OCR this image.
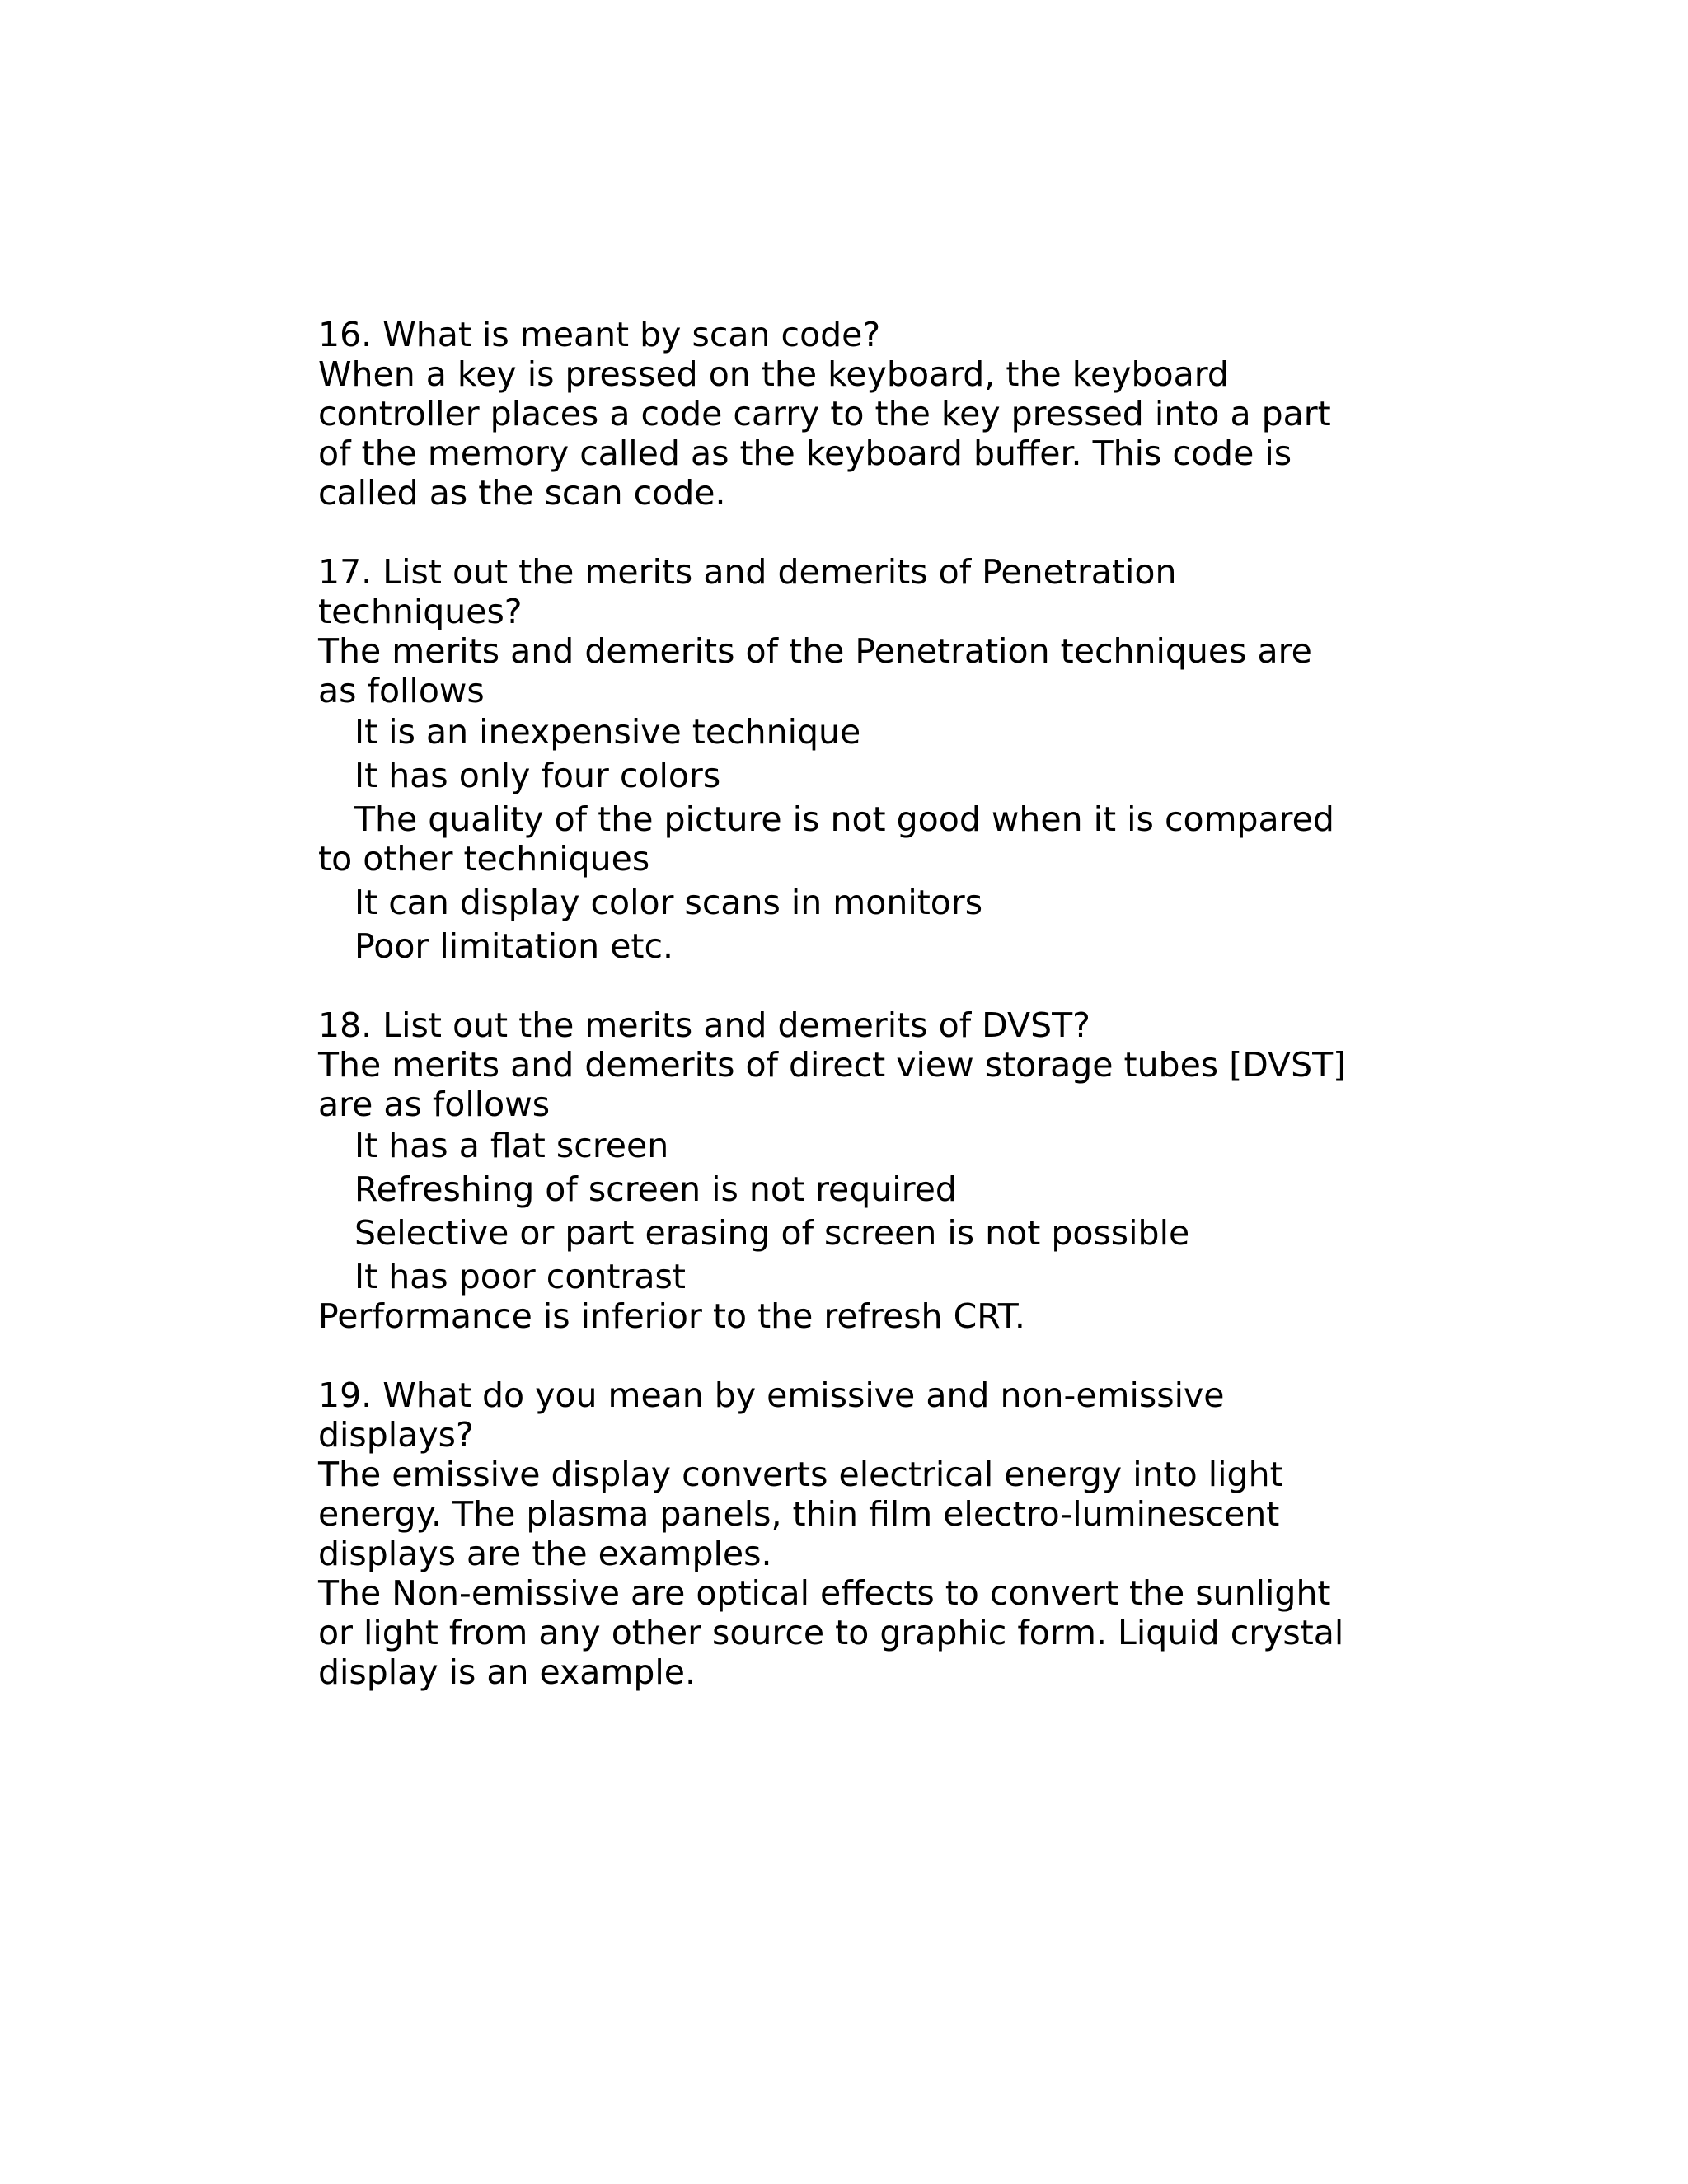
16. What is meant by scan code?

When a key is pressed on the keyboard, the keyboard controller places a code carry to the key pressed into a part of the memory called as the keyboard buffer. This code is called as the scan code.

17. List out the merits and demerits of Penetration techniques?

The merits and demerits of the Penetration techniques are as follows

It is an inexpensive technique
It has only four colors
The quality of the picture is not good when it is compared to other techniques
It can display color scans in monitors
Poor limitation etc.

18. List out the merits and demerits of DVST?

The merits and demerits of direct view storage tubes [DVST] are as follows

It has a flat screen
Refreshing of screen is not required
Selective or part erasing of screen is not possible
It has poor contrast

Performance is inferior to the refresh CRT.

19. What do you mean by emissive and non-emissive displays?

The emissive display converts electrical energy into light energy. The plasma panels, thin film electro-luminescent displays are the examples.

The Non-emissive are optical effects to convert the sunlight or light from any other source to graphic form. Liquid crystal display is an example.
